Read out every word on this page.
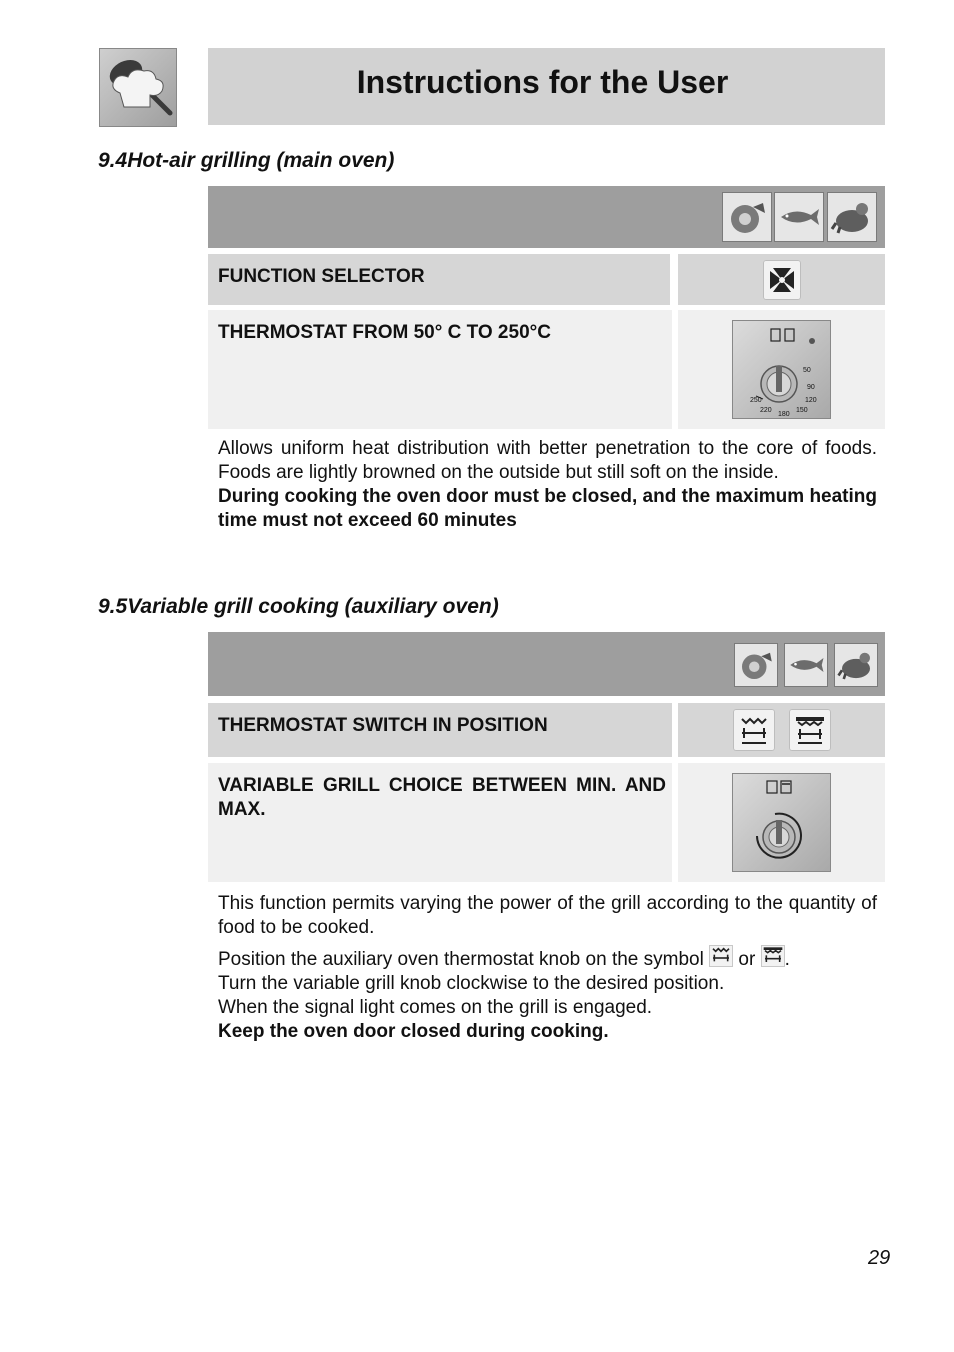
Instructions for the User
9.4Hot-air grilling (main oven)
FUNCTION SELECTOR
THERMOSTAT FROM 50° C TO 250°C
50
90
120
150
180
220
250

Allows uniform heat distribution with better penetration to the core of foods. Foods are lightly browned on the outside but still soft on the inside.

During cooking the oven door must be closed, and the maximum heating time must not exceed 60 minutes

9.5Variable grill cooking (auxiliary oven)
THERMOSTAT SWITCH IN POSITION
VARIABLE GRILL CHOICE BETWEEN MIN. AND MAX.

This function permits varying the power of the grill according to the quantity of food to be cooked.

Position the auxiliary oven thermostat knob on the symbol or .

Turn the variable grill knob clockwise to the desired position.

When the signal light comes on the grill is engaged.

Keep the oven door closed during cooking.

29
